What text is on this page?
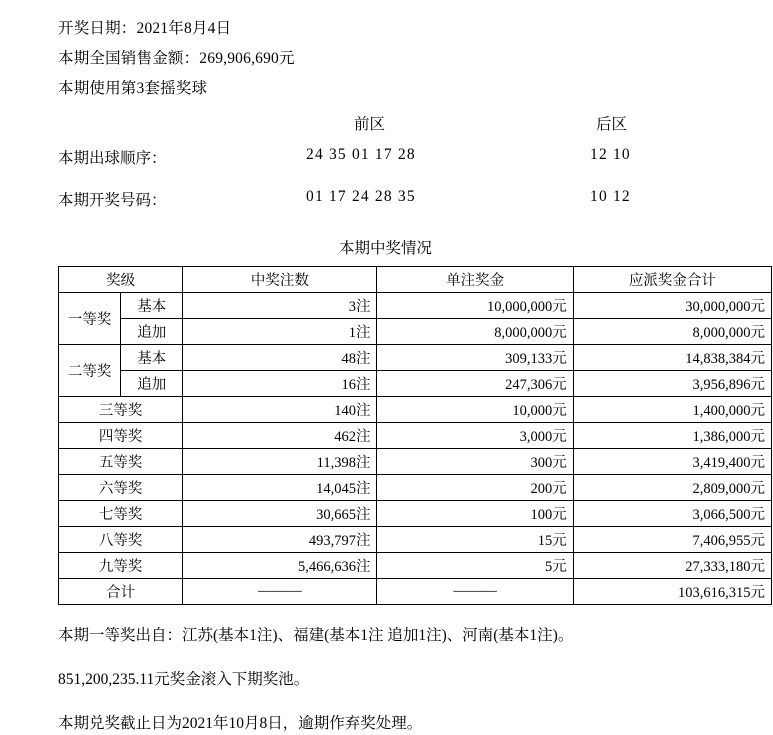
开奖日期：2021年8月4日
本期全国销售金额：269,906,690元
本期使用第3套摇奖球
前区	后区
本期出球顺序：	24 35 01 17 28	12 10
本期开奖号码：	01 17 24 28 35	10 12
本期中奖情况
奖级		中奖注数	单注奖金	应派奖金合计
一等奖	基本	3注	10,000,000元	30,000,000元
	追加	1注	8,000,000元	8,000,000元
二等奖	基本	48注	309,133元	14,838,384元
	追加	16注	247,306元	3,956,896元
三等奖		140注	10,000元	1,400,000元
四等奖		462注	3,000元	1,386,000元
五等奖		11,398注	300元	3,419,400元
六等奖		14,045注	200元	2,809,000元
七等奖		30,665注	100元	3,066,500元
八等奖		493,797注	15元	7,406,955元
九等奖		5,466,636注	5元	27,333,180元
合计		———	———	103,616,315元
本期一等奖出自：江苏(基本1注)、福建(基本1注 追加1注)、河南(基本1注)。
851,200,235.11元奖金滚入下期奖池。
本期兑奖截止日为2021年10月8日，逾期作弃奖处理。
